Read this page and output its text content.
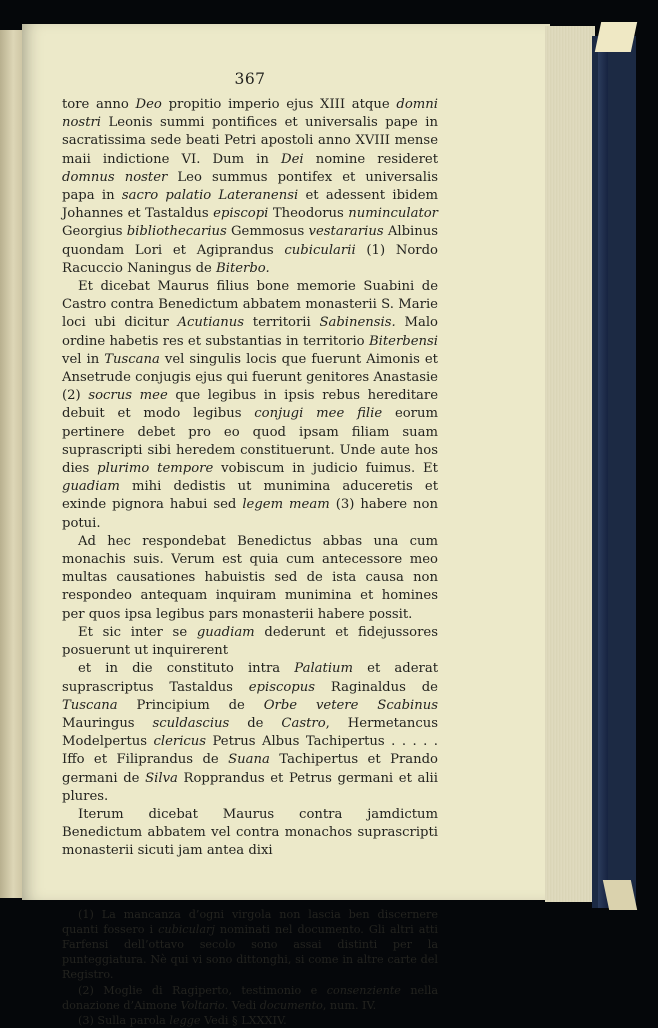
367

tore anno Deo propitio imperio ejus XIII atque domni nostri Leonis summi pontifices et universalis pape in sacratissima sede beati Petri apostoli anno XVIII mense maii indictione VI. Dum in Dei nomine resideret domnus noster Leo summus pontifex et universalis papa in sacro palatio Lateranensi et adessent ibidem Johannes et Tastaldus episcopi Theodorus numinculator Georgius bibliothecarius Gemmosus vestararius Albinus quondam Lori et Agiprandus cubicularii (1) Nordo Racuccio Naningus de Biterbo.

Et dicebat Maurus filius bone memorie Suabini de Castro contra Benedictum abbatem monasterii S. Marie loci ubi dicitur Acutianus territorii Sabinensis. Malo ordine habetis res et substantias in territorio Biterbensi vel in Tuscana vel singulis locis que fuerunt Aimonis et Ansetrude conjugis ejus qui fuerunt genitores Anastasie (2) socrus mee que legibus in ipsis rebus hereditare debuit et modo legibus conjugi mee filie eorum pertinere debet pro eo quod ipsam filiam suam suprascripti sibi heredem constituerunt. Unde aute hos dies plurimo tempore vobiscum in judicio fuimus. Et guadiam mihi dedistis ut munimina aduceretis et exinde pignora habui sed legem meam (3) habere non potui.

Ad hec respondebat Benedictus abbas una cum monachis suis. Verum est quia cum antecessore meo multas causationes habuistis sed de ista causa non respondeo antequam inquiram munimina et homines per quos ipsa legibus pars monasterii habere possit.

Et sic inter se guadiam dederunt et fidejussores posuerunt ut inquirerent

et in die constituto intra Palatium et aderat suprascriptus Tastaldus episcopus Raginaldus de Tuscana Principium de Orbe vetere Scabinus Mauringus sculdascius de Castro, Hermetancus Modelpertus clericus Petrus Albus Tachipertus . . . . . Iffo et Filiprandus de Suana Tachipertus et Prando germani de Silva Ropprandus et Petrus germani et alii plures.

Iterum dicebat Maurus contra jamdictum Benedictum abbatem vel contra monachos suprascripti monasterii sicuti jam antea dixi

(1) La mancanza d’ogni virgola non lascia ben discernere quanti fossero i cubicularj nominati nel documento. Gli altri atti Farfensi dell’ottavo secolo sono assai distinti per la punteggiatura. Nè qui vi sono dittonghi, si come in altre carte del Registro.

(2) Moglie di Ragiperto, testimonio e consenziente nella donazione d’Aimone Voltario. Vedi documento, num. IV.

(3) Sulla parola legge Vedi § LXXXIV.
